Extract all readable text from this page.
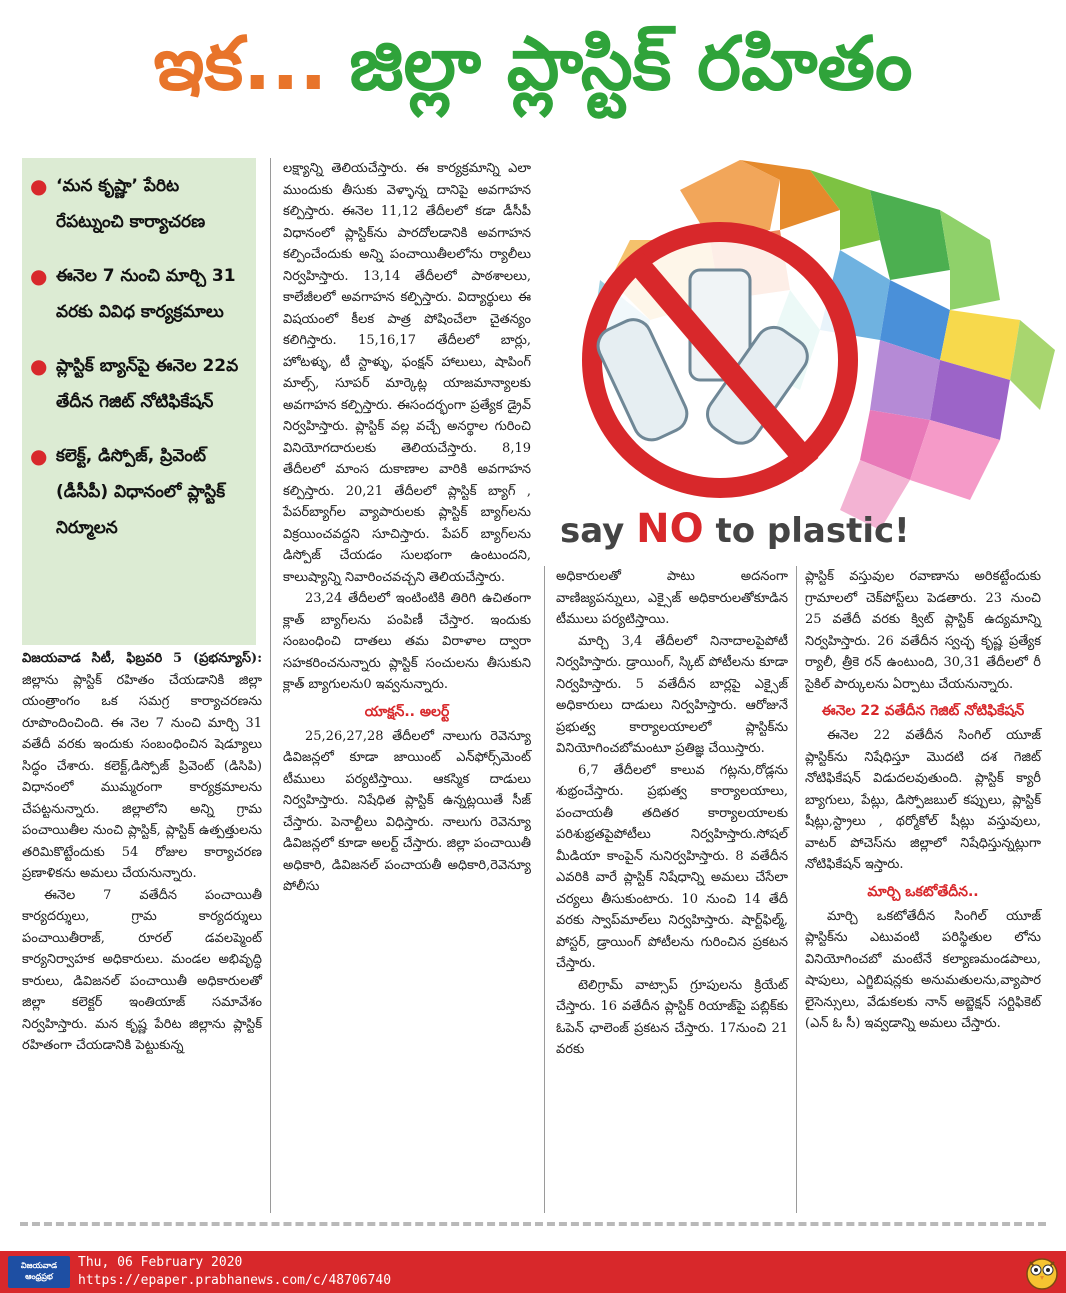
ఇక... జిల్లా ప్లాస్టిక్ రహితం
● ‘మన కృష్ణా’ పేరిట రేపట్నుంచి కార్యాచరణ
● ఈనెల 7 నుంచి మార్చి 31 వరకు వివిధ కార్యక్రమాలు
● ప్లాస్టిక్ బ్యాన్‌పై ఈనెల 22వ తేదీన గెజిట్ నోటిఫికేషన్
● కలెక్ట్, డిస్పోజ్, ప్రివెంట్ (డీసీపీ) విధానంలో ప్లాస్టిక్ నిర్మూలన

విజయవాడ సిటీ, ఫిబ్రవరి 5 (ప్రభన్యూస్): జిల్లాను ప్లాస్టిక్ రహితం చేయడానికి జిల్లా యంత్రాంగం ఒక సమగ్ర కార్యాచరణను రూపొందించింది. ఈ నెల 7 నుంచి మార్చి 31 వతేదీ వరకు ఇందుకు సంబంధించిన షెడ్యూలు సిద్ధం చేశారు. కలెక్ట్,డిస్పోజ్ ప్రివెంట్ (డిసిపి) విధానంలో ముమ్మరంగా కార్యక్రమాలను చేపట్టనున్నారు. జిల్లాలోని అన్ని గ్రామ పంచాయితీల నుంచి ప్లాస్టిక్, ప్లాస్టిక్ ఉత్పత్తులను తరిమికొట్టేందుకు 54 రోజుల కార్యాచరణ ప్రణాళికను అమలు చేయనున్నారు.

ఈనెల 7 వతేదీన పంచాయితీ కార్యదర్శులు, గ్రామ కార్యదర్శులు పంచాయితీరాజ్, రూరల్ డవలప్మెంట్ కార్యనిర్వాహక అధికారులు. మండల అభివృద్ధి కారులు, డివిజనల్ పంచాయితీ అధికారులతో జిల్లా కలెక్టర్ ఇంతియాజ్ సమావేశం నిర్వహిస్తారు. మన కృష్ణ పేరిట జిల్లాను ప్లాస్టిక్ రహితంగా చేయడానికి పెట్టుకున్న

లక్ష్యాన్ని తెలియచేస్తారు. ఈ కార్యక్రమాన్ని ఎలా ముందుకు తీసుకు వెళ్ళాన్న దానిపై అవగాహన కల్పిస్తారు. ఈనెల 11,12 తేదీలలో కడా డీసీపీ విధానంలో ప్లాస్టిక్‌ను పారదోలడానికి అవగాహన కల్పించేందుకు అన్ని పంచాయితీలలోను ర్యాలీలు నిర్వహిస్తారు. 13,14 తేదీలలో పాఠశాలలు, కాలేజీలలో అవగాహన కల్పిస్తారు. విద్యార్థులు ఈ విషయంలో కీలక పాత్ర పోషించేలా చైతన్యం కలిగిస్తారు. 15,16,17 తేదీలలో బార్లు, హోటళ్ళు, టీ స్టాళ్ళు, ఫంక్షన్ హాలులు, షాపింగ్ మాల్స్, సూపర్ మార్కెట్ల యాజమాన్యాలకు అవగాహన కల్పిస్తారు. ఈసందర్భంగా ప్రత్యేక డ్రైవ్ నిర్వహిస్తారు. ప్లాస్టిక్ వల్ల వచ్చే అనర్థాల గురించి వినియోగదారులకు తెలియచేస్తారు. 8,19 తేదీలలో మాంస దుకాణాల వారికి అవగాహన కల్పిస్తారు. 20,21 తేదీలలో ప్లాస్టిక్ బ్యాగ్ , పేపర్‌బ్యాగ్‌ల వ్యాపారులకు ప్లాస్టిక్ బ్యాగ్‌లను విక్రయించవద్దని సూచిస్తారు. పేపర్ బ్యాగ్‌లను డిస్పోజ్ చేయడం సులభంగా ఉంటుందని, కాలుష్యాన్ని నివారించవచ్చని తెలియచేస్తారు.

23,24 తేదీలలో ఇంటింటికి తిరిగి ఉచితంగా క్లాత్ బ్యాగ్‌లను పంపిణీ చేస్తార. ఇందుకు సంబంధించి దాతలు తమ విరాళాల ద్వారా సహకరించనున్నారు ప్లాస్టిక్ సంచులను తీసుకుని క్లాత్ బ్యాగులను0 ఇవ్వనున్నారు.

యాక్షన్.. అలర్ట్

25,26,27,28 తేదీలలో నాలుగు రెవెన్యూ డివిజన్లలో కూడా జాయింట్ ఎన్‌ఫోర్స్‌మెంట్ టీములు పర్యటిస్తాయి. ఆకస్మిక దాడులు నిర్వహిస్తారు. నిషేధిత ప్లాస్టిక్ ఉన్నట్లయితే సీజ్ చేస్తారు. పెనాల్టీలు విధిస్తారు. నాలుగు రెవెన్యూ డివిజన్లలో కూడా అలర్ట్ చేస్తారు. జిల్లా పంచాయితీ అధికారి, డివిజనల్ పంచాయతీ అధికారి,రెవెన్యూ పోలీసు

say NO to plastic!

అధికారులతో పాటు అదనంగా వాణిజ్యపన్నులు, ఎక్సైజ్ అధికారులతోకూడిన టీములు పర్యటిస్తాయి.

మార్చి 3,4 తేదీలలో నినాదాలపైపోటీ నిర్వహిస్తారు. డ్రాయింగ్, స్కిట్ పోటీలను కూడా నిర్వహిస్తారు. 5 వతేదీన బార్లపై ఎక్సైజ్ అధికారులు దాడులు నిర్వహిస్తారు. ఆరోజునే ప్రభుత్వ కార్యాలయాలలో ప్లాస్టిక్‌ను వినియోగించబోమంటూ ప్రతిజ్ఞ చేయిస్తారు.

6,7 తేదీలలో కాలువ గట్లను,రోడ్లను శుభ్రంచేస్తారు. ప్రభుత్వ కార్యాలయాలు, పంచాయతీ తదితర కార్యాలయాలకు పరిశుభ్రతపైపోటీలు నిర్వహిస్తారు.సోషల్ మీడియా కాంపైన్ నునిర్వహిస్తారు. 8 వతేదీన ఎవరికి వారే ప్లాస్టిక్ నిషేధాన్ని అమలు చేసేలా చర్యలు తీసుకుంటారు. 10 నుంచి 14 తేదీ వరకు స్వాప్‌మాల్‌లు నిర్వహిస్తారు. షార్ట్‌ఫిల్మ్, పోస్టర్, డ్రాయింగ్ పోటీలను గురించిన ప్రకటన చేస్తారు.

టెలిగ్రామ్ వాట్సాప్ గ్రూపులను క్రియేట్ చేస్తారు. 16 వతేదీన ప్లాస్టిక్ రియాజ్‌పై పబ్లిక్‌కు ఓపెన్ ఛాలెంజ్ ప్రకటన చేస్తారు. 17నుంచి 21 వరకు

ప్లాస్టిక్ వస్తువుల రవాణాను అరికట్టేందుకు గ్రామాలలో చెక్‌పోస్ట్‌లు పెడతారు. 23 నుంచి 25 వతేదీ వరకు క్విట్ ప్లాస్టిక్ ఉద్యమాన్ని నిర్వహిస్తారు. 26 వతేదీన స్వచ్ఛ కృష్ణ ప్రత్యేక ర్యాలీ, త్రీకె రన్ ఉంటుంది, 30,31 తేదీలలో రీ సైకిల్ పార్కులను ఏర్పాటు చేయనున్నారు.

ఈనెల 22 వతేదీన గెజిట్ నోటిఫికేషన్

ఈనెల 22 వతేదీన సింగిల్ యూజ్ ప్లాస్టిక్‌ను నిషేధిస్తూ మొదటి దశ గెజిట్ నోటిఫికేషన్ విడుదలవుతుంది. ప్లాస్టిక్ క్యారీ బ్యాగులు, పేట్లు, డిస్పోజబుల్ కప్పులు, ప్లాస్టిక్ షీట్లు,స్ట్రాలు , థర్మోకోల్ షీట్లు వస్తువులు, వాటర్ పోచెస్‌ను జిల్లాలో నిషేధిస్తున్నట్లుగా నోటిఫికేషన్ ఇస్తారు.

మార్చి ఒకటోతేదీన..

మార్చి ఒకటోతేదీన సింగిల్ యూజ్ ప్లాస్టిక్‌ను ఎటువంటి పరిస్థితుల లోను వినియోగించబో మంటేనే కల్యాణమండపాలు, షాపులు, ఎగ్జిబిషన్లకు అనుమతులను,వ్యాపార లైసెన్సులు, వేడుకలకు నాన్ అబ్జెక్షన్ సర్టిఫికెట్ (ఎన్ ఓ సీ) ఇవ్వడాన్ని అమలు చేస్తారు.

విజయవాడ
ఆంధ్రప్రభ
Thu, 06 February 2020
https://epaper.prabhanews.com/c/48706740
